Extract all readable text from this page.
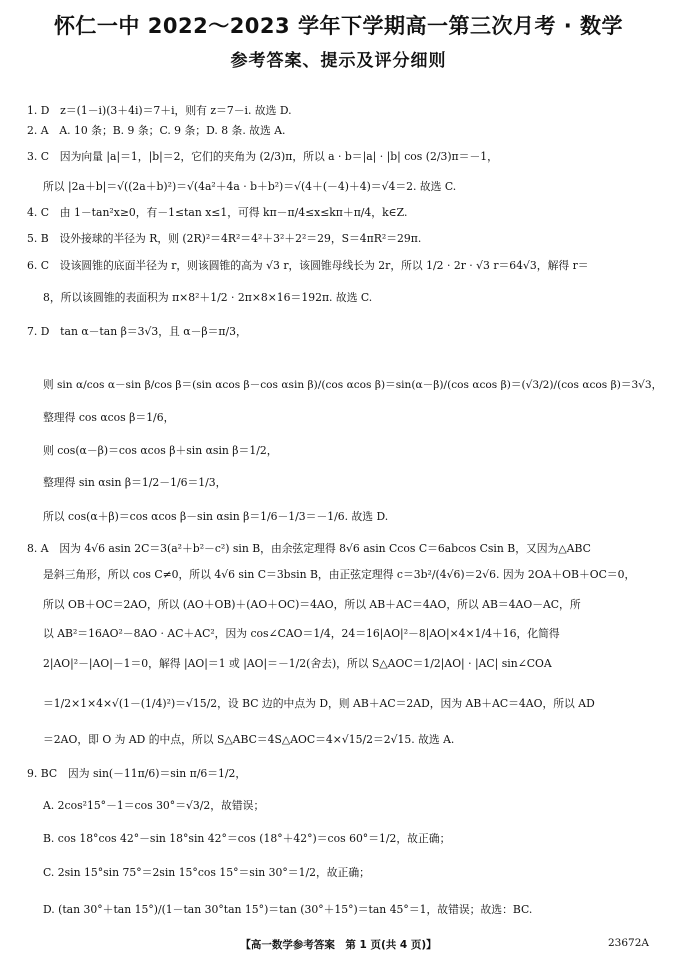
怀仁一中 2022～2023 学年下学期高一第三次月考 · 数学
参考答案、提示及评分细则
1. D　z＝(1－i)(3＋4i)＝7＋i，则有 z＝7－i. 故选 D.
2. A　A. 10 条；B. 9 条；C. 9 条；D. 8 条. 故选 A.
3. C　因为向量 |a|＝1，|b|＝2，它们的夹角为 (2/3)π，所以 a · b＝|a| · |b| cos (2/3)π＝－1，
所以 |2a＋b|＝√((2a＋b)²)＝√(4a²＋4a · b＋b²)＝√(4＋(－4)＋4)＝√4＝2. 故选 C.
4. C　由 1－tan²x≥0，有－1≤tan x≤1，可得 kπ－π/4≤x≤kπ＋π/4，k∈Z.
5. B　设外接球的半径为 R，则 (2R)²＝4R²＝4²＋3²＋2²＝29，S＝4πR²＝29π.
6. C　设该圆锥的底面半径为 r，则该圆锥的高为 √3 r，该圆锥母线长为 2r，所以 1/2 · 2r · √3 r＝64√3，解得 r＝
8，所以该圆锥的表面积为 π×8²＋1/2 · 2π×8×16＝192π. 故选 C.
7. D　tan α－tan β＝3√3，且 α－β＝π/3，
则 sin α/cos α－sin β/cos β＝(sin αcos β－cos αsin β)/(cos αcos β)＝sin(α－β)/(cos αcos β)＝(√3/2)/(cos αcos β)＝3√3，
整理得 cos αcos β＝1/6，
则 cos(α－β)＝cos αcos β＋sin αsin β＝1/2，
整理得 sin αsin β＝1/2－1/6＝1/3，
所以 cos(α＋β)＝cos αcos β－sin αsin β＝1/6－1/3＝－1/6. 故选 D.
8. A　因为 4√6 asin 2C＝3(a²＋b²－c²) sin B，由余弦定理得 8√6 asin Ccos C＝6abcos Csin B，又因为△ABC
是斜三角形，所以 cos C≠0，所以 4√6 sin C＝3bsin B，由正弦定理得 c＝3b²/(4√6)＝2√6. 因为 2OA＋OB＋OC＝0，
所以 OB＋OC＝2AO，所以 (AO＋OB)＋(AO＋OC)＝4AO，所以 AB＋AC＝4AO，所以 AB＝4AO－AC，所
以 AB²＝16AO²－8AO · AC＋AC²，因为 cos∠CAO＝1/4，24＝16|AO|²－8|AO|×4×1/4＋16，化简得
2|AO|²－|AO|－1＝0，解得 |AO|＝1 或 |AO|＝－1/2(舍去)，所以 S△AOC＝1/2|AO| · |AC| sin∠COA
＝1/2×1×4×√(1－(1/4)²)＝√15/2，设 BC 边的中点为 D，则 AB＋AC＝2AD，因为 AB＋AC＝4AO，所以 AD
＝2AO，即 O 为 AD 的中点，所以 S△ABC＝4S△AOC＝4×√15/2＝2√15. 故选 A.
9. BC　因为 sin(－11π/6)＝sin π/6＝1/2，
A. 2cos²15°－1＝cos 30°＝√3/2，故错误；
B. cos 18°cos 42°－sin 18°sin 42°＝cos (18°＋42°)＝cos 60°＝1/2，故正确；
C. 2sin 15°sin 75°＝2sin 15°cos 15°＝sin 30°＝1/2，故正确；
D. (tan 30°＋tan 15°)/(1－tan 30°tan 15°)＝tan (30°＋15°)＝tan 45°＝1，故错误；故选：BC.
【高一数学参考答案　第 1 页(共 4 页)】	23672A
